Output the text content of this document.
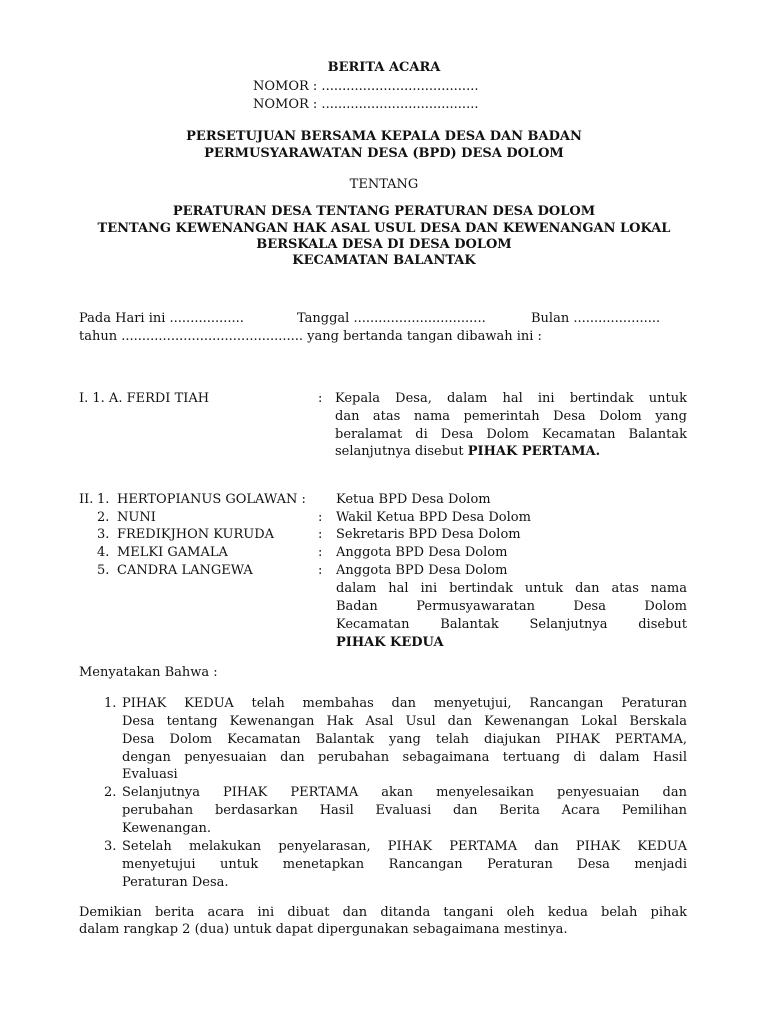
BERITA ACARA
NOMOR : ......................................
NOMOR : ......................................
PERSETUJUAN BERSAMA KEPALA DESA DAN BADAN
PERMUSYARAWATAN DESA (BPD) DESA DOLOM
TENTANG
PERATURAN DESA TENTANG PERATURAN DESA DOLOM
TENTANG KEWENANGAN HAK ASAL USUL DESA DAN KEWENANGAN LOKAL
BERSKALA DESA DI DESA DOLOM
KECAMATAN BALANTAK
Pada Hari ini ..................	Tanggal ................................	Bulan .....................
tahun ............................................ yang bertanda tangan dibawah ini :
I. 1. A. FERDI TIAH	: Kepala Desa, dalam hal ini bertindak untuk
dan atas nama pemerintah Desa Dolom yang
beralamat di Desa Dolom Kecamatan Balantak
selanjutnya disebut PIHAK PERTAMA.
II. 1. HERTOPIANUS GOLAWAN : Ketua BPD Desa Dolom
2. NUNI	: Wakil Ketua BPD Desa Dolom
3. FREDIKJHON KURUDA	: Sekretaris BPD Desa Dolom
4. MELKI GAMALA	: Anggota BPD Desa Dolom
5. CANDRA LANGEWA	: Anggota BPD Desa Dolom
dalam hal ini bertindak untuk dan atas nama
Badan Permusyawaratan Desa Dolom
Kecamatan Balantak Selanjutnya disebut
PIHAK KEDUA
Menyatakan Bahwa :
1. PIHAK KEDUA telah membahas dan menyetujui, Rancangan Peraturan
Desa tentang Kewenangan Hak Asal Usul dan Kewenangan Lokal Berskala
Desa Dolom Kecamatan Balantak yang telah diajukan PIHAK PERTAMA,
dengan penyesuaian dan perubahan sebagaimana tertuang di dalam Hasil
Evaluasi
2. Selanjutnya PIHAK PERTAMA akan menyelesaikan penyesuaian dan
perubahan berdasarkan Hasil Evaluasi dan Berita Acara Pemilihan
Kewenangan.
3. Setelah melakukan penyelarasan, PIHAK PERTAMA dan PIHAK KEDUA
menyetujui untuk menetapkan Rancangan Peraturan Desa menjadi
Peraturan Desa.
Demikian berita acara ini dibuat dan ditanda tangani oleh kedua belah pihak
dalam rangkap 2 (dua) untuk dapat dipergunakan sebagaimana mestinya.
